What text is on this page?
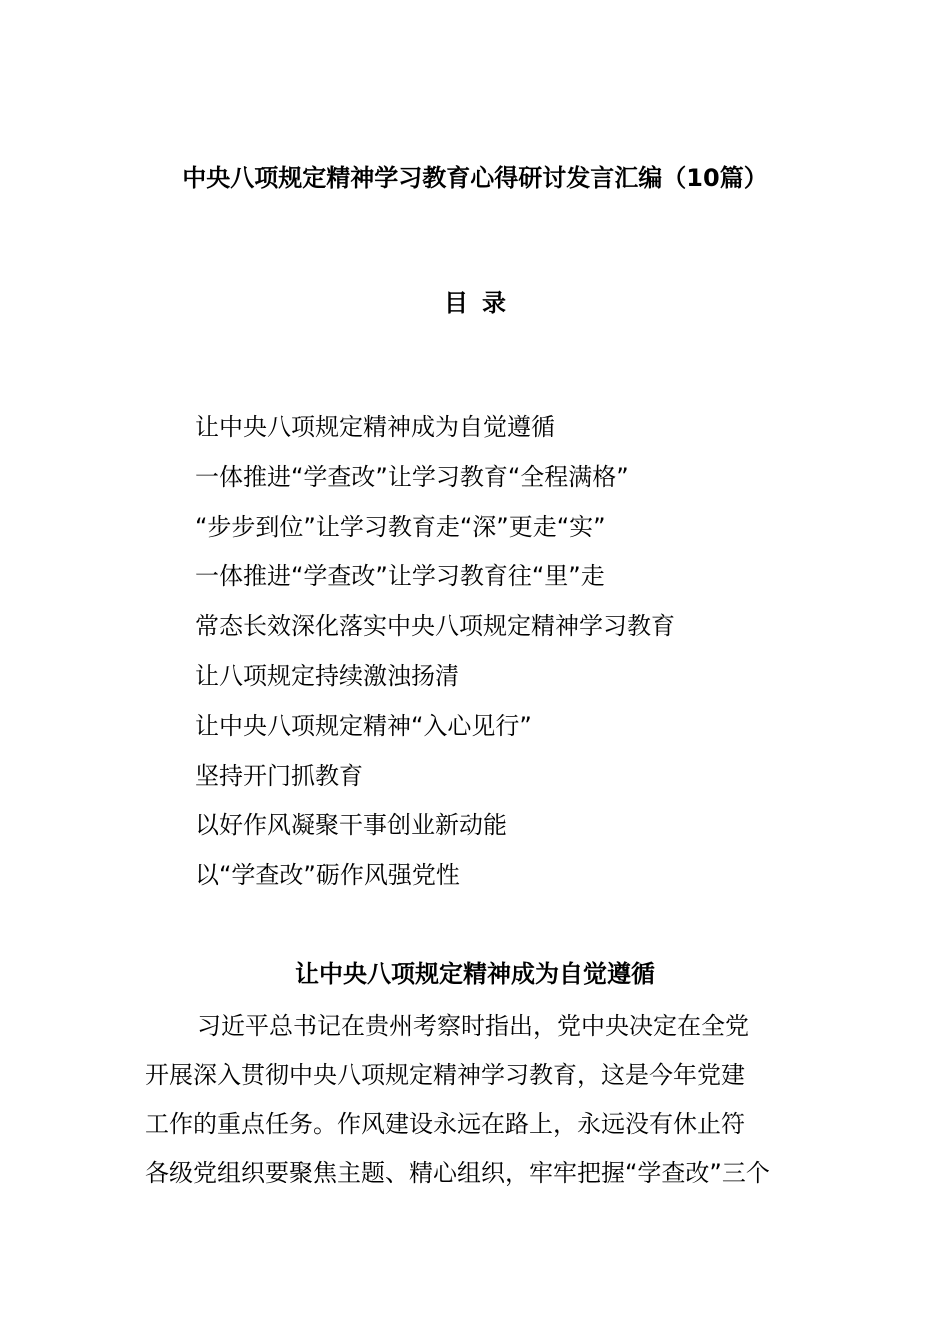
中央八项规定精神学习教育心得研讨发言汇编（10篇）
目 录
让中央八项规定精神成为自觉遵循
一体推进“学查改”让学习教育“全程满格”
“步步到位”让学习教育走“深”更走“实”
一体推进“学查改”让学习教育往“里”走
常态长效深化落实中央八项规定精神学习教育
让八项规定持续激浊扬清
让中央八项规定精神“入心见行”
坚持开门抓教育
以好作风凝聚干事创业新动能
以“学查改”砺作风强党性
让中央八项规定精神成为自觉遵循
习近平总书记在贵州考察时指出，党中央决定在全党
开展深入贯彻中央八项规定精神学习教育，这是今年党建
工作的重点任务。作风建设永远在路上，永远没有休止符
各级党组织要聚焦主题、精心组织，牢牢把握“学查改”三个
